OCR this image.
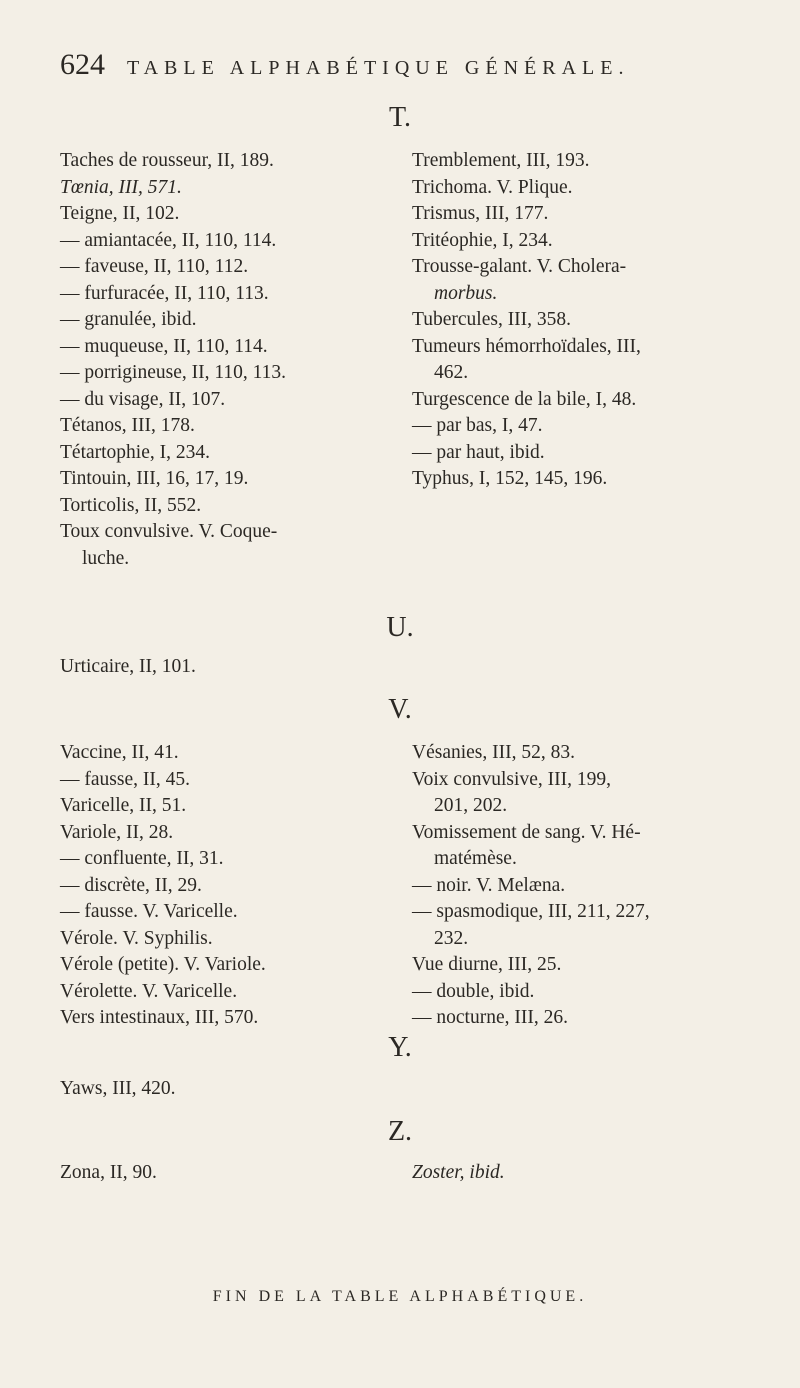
624 TABLE ALPHABÉTIQUE GÉNÉRALE.
T.
Taches de rousseur, II, 189.
Tœnia, III, 571.
Teigne, II, 102.
— amiantacée, II, 110, 114.
— faveuse, II, 110, 112.
— furfuracée, II, 110, 113.
— granulée, ibid.
— muqueuse, II, 110, 114.
— porrigineuse, II, 110, 113.
— du visage, II, 107.
Tétanos, III, 178.
Tétartophie, I, 234.
Tintouin, III, 16, 17, 19.
Torticolis, II, 552.
Toux convulsive. V. Coque-
luche.
Tremblement, III, 193.
Trichoma. V. Plique.
Trismus, III, 177.
Tritéophie, I, 234.
Trousse-galant. V. Cholera-
morbus.
Tubercules, III, 358.
Tumeurs hémorrhoïdales, III,
462.
Turgescence de la bile, I, 48.
— par bas, I, 47.
— par haut, ibid.
Typhus, I, 152, 145, 196.
U.
Urticaire, II, 101.
V.
Vaccine, II, 41.
— fausse, II, 45.
Varicelle, II, 51.
Variole, II, 28.
— confluente, II, 31.
— discrète, II, 29.
— fausse. V. Varicelle.
Vérole. V. Syphilis.
Vérole (petite). V. Variole.
Vérolette. V. Varicelle.
Vers intestinaux, III, 570.
Vésanies, III, 52, 83.
Voix convulsive, III, 199,
201, 202.
Vomissement de sang. V. Hé-
matémèse.
— noir. V. Melæna.
— spasmodique, III, 211, 227,
232.
Vue diurne, III, 25.
— double, ibid.
— nocturne, III, 26.
Y.
Yaws, III, 420.
Z.
Zona, II, 90.	Zoster, ibid.
FIN DE LA TABLE ALPHABÉTIQUE.
